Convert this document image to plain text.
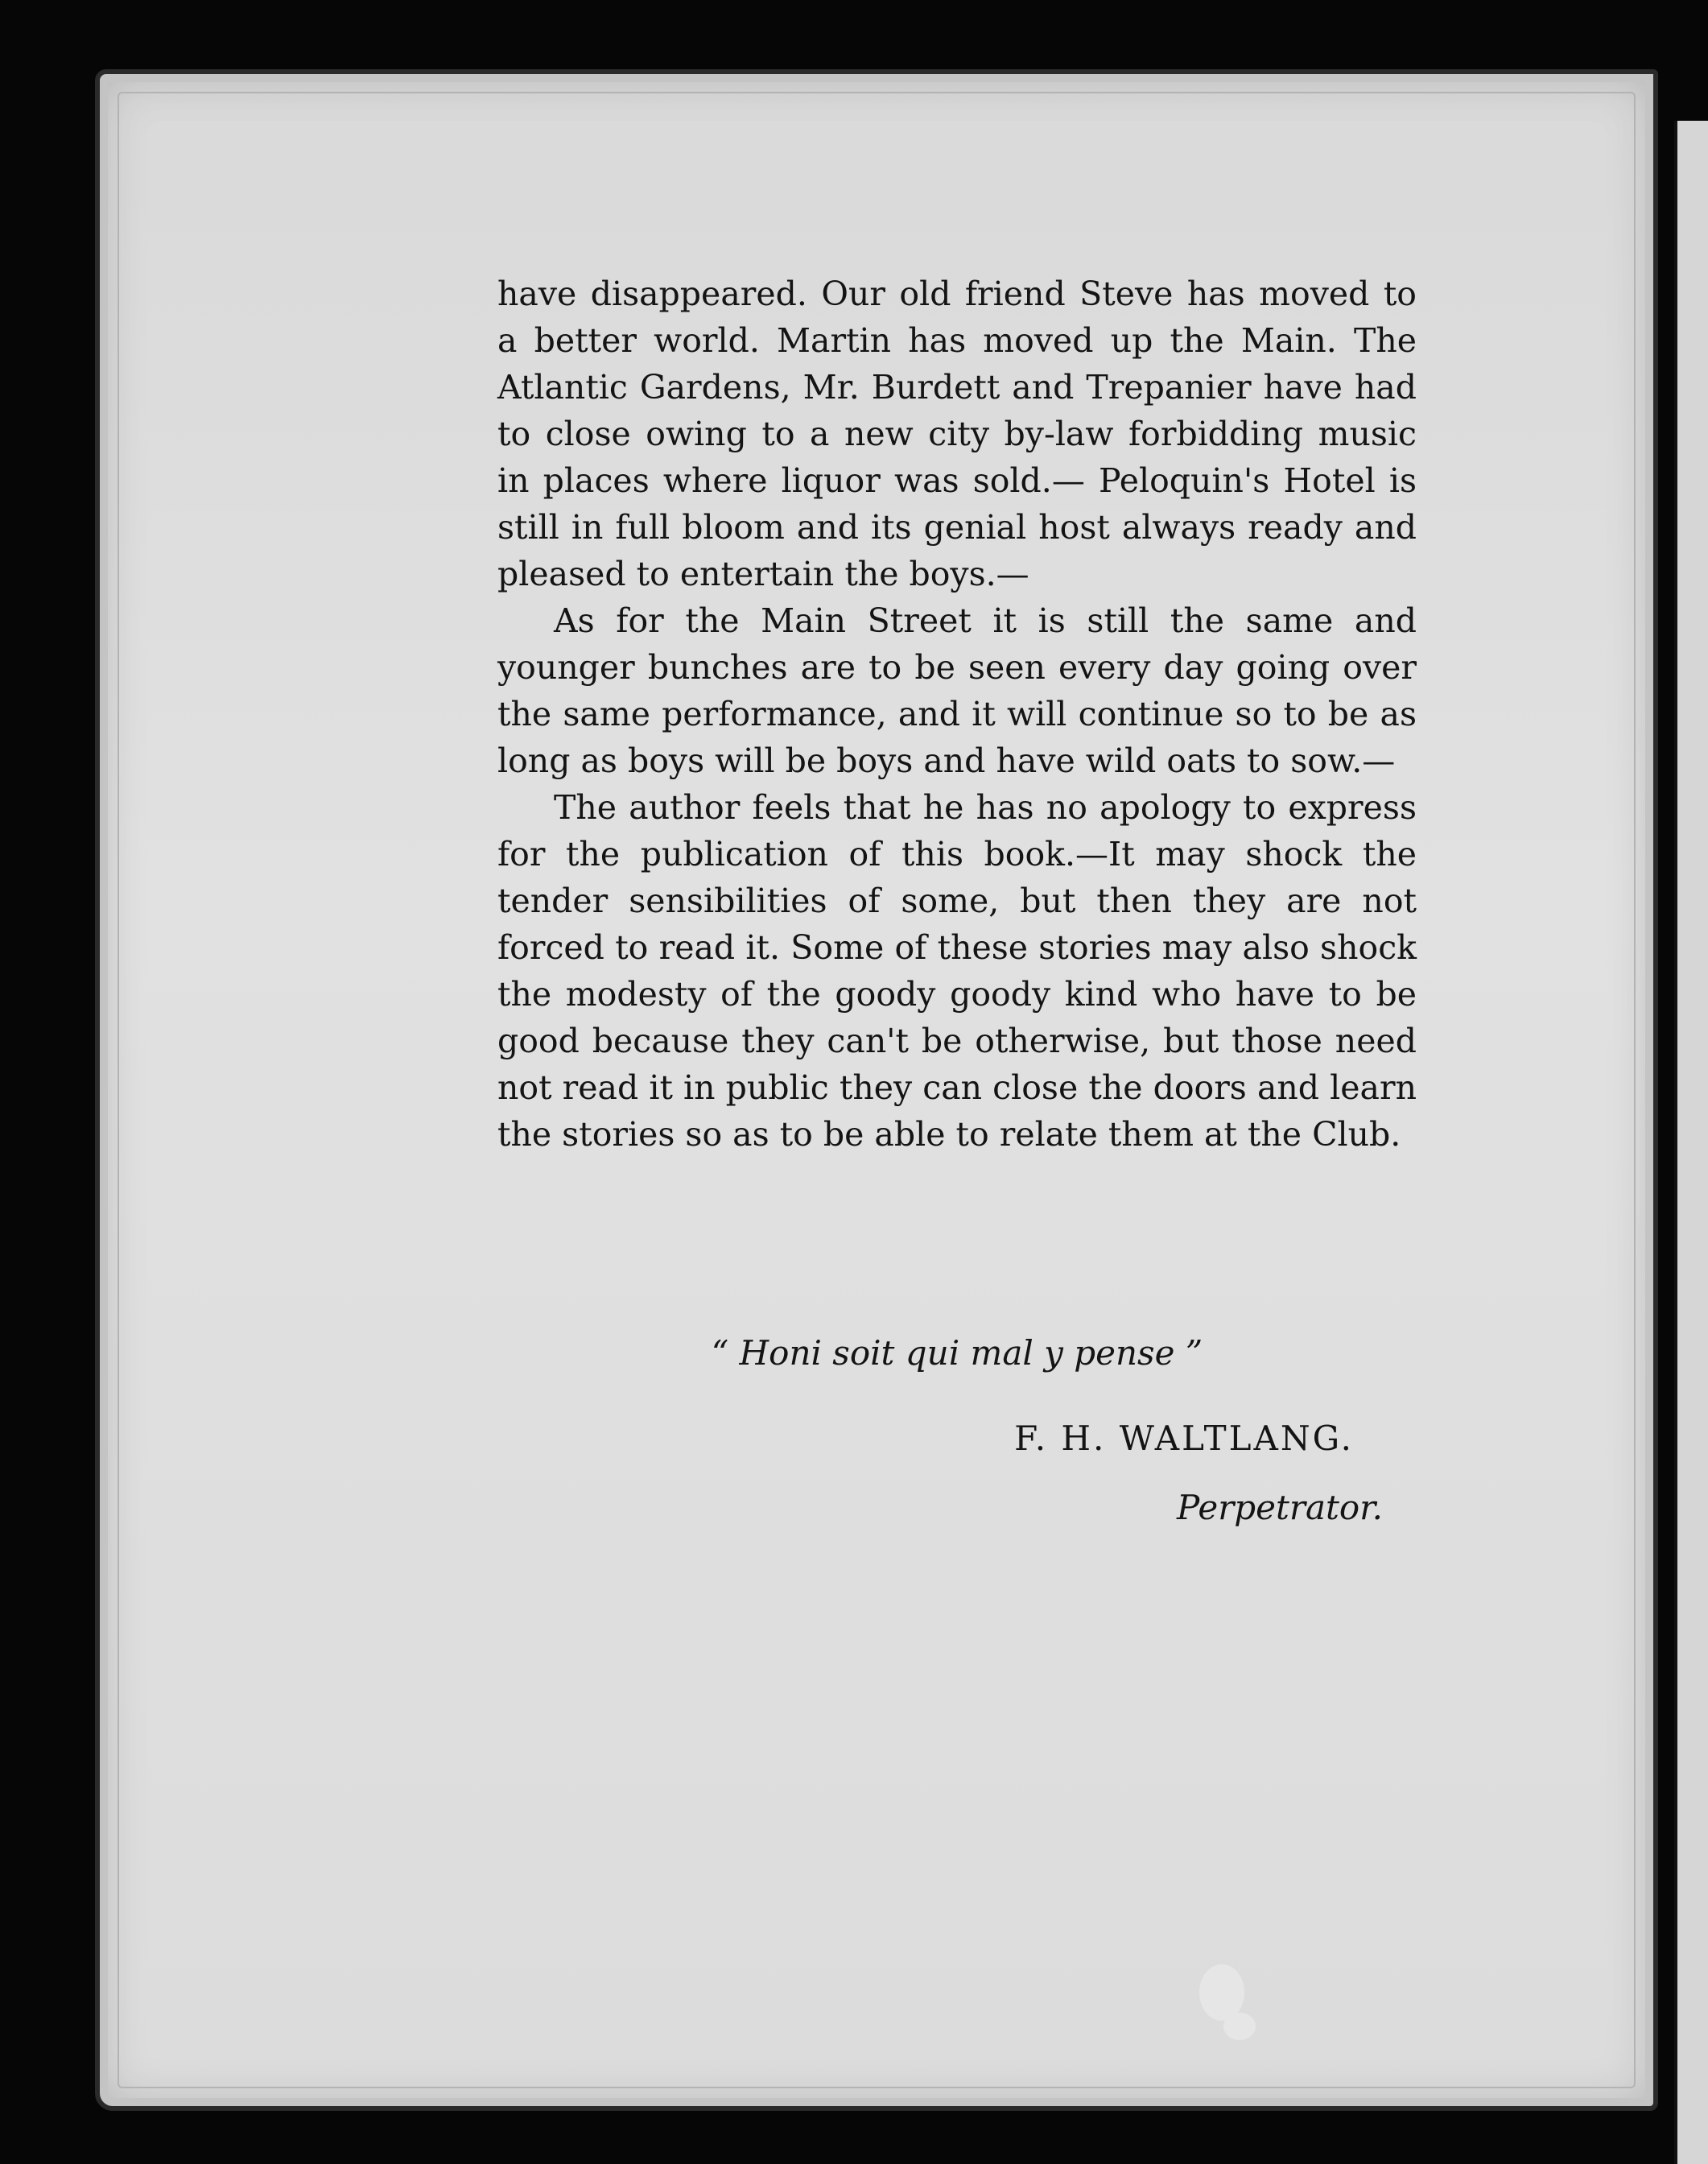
have disappeared. Our old friend Steve has moved to a better world. Martin has moved up the Main. The Atlantic Gardens, Mr. Burdett and Trepanier have had to close owing to a new city by-law forbidding music in places where liquor was sold.— Peloquin's Hotel is still in full bloom and its genial host always ready and pleased to entertain the boys.—

As for the Main Street it is still the same and younger bunches are to be seen every day going over the same performance, and it will continue so to be as long as boys will be boys and have wild oats to sow.—

The author feels that he has no apology to express for the publication of this book.—It may shock the tender sensibilities of some, but then they are not forced to read it. Some of these stories may also shock the modesty of the goody goody kind who have to be good because they can't be otherwise, but those need not read it in public they can close the doors and learn the stories so as to be able to relate them at the Club.

“ Honi soit qui mal y pense ”
F. H. WALTLANG.
Perpetrator.
